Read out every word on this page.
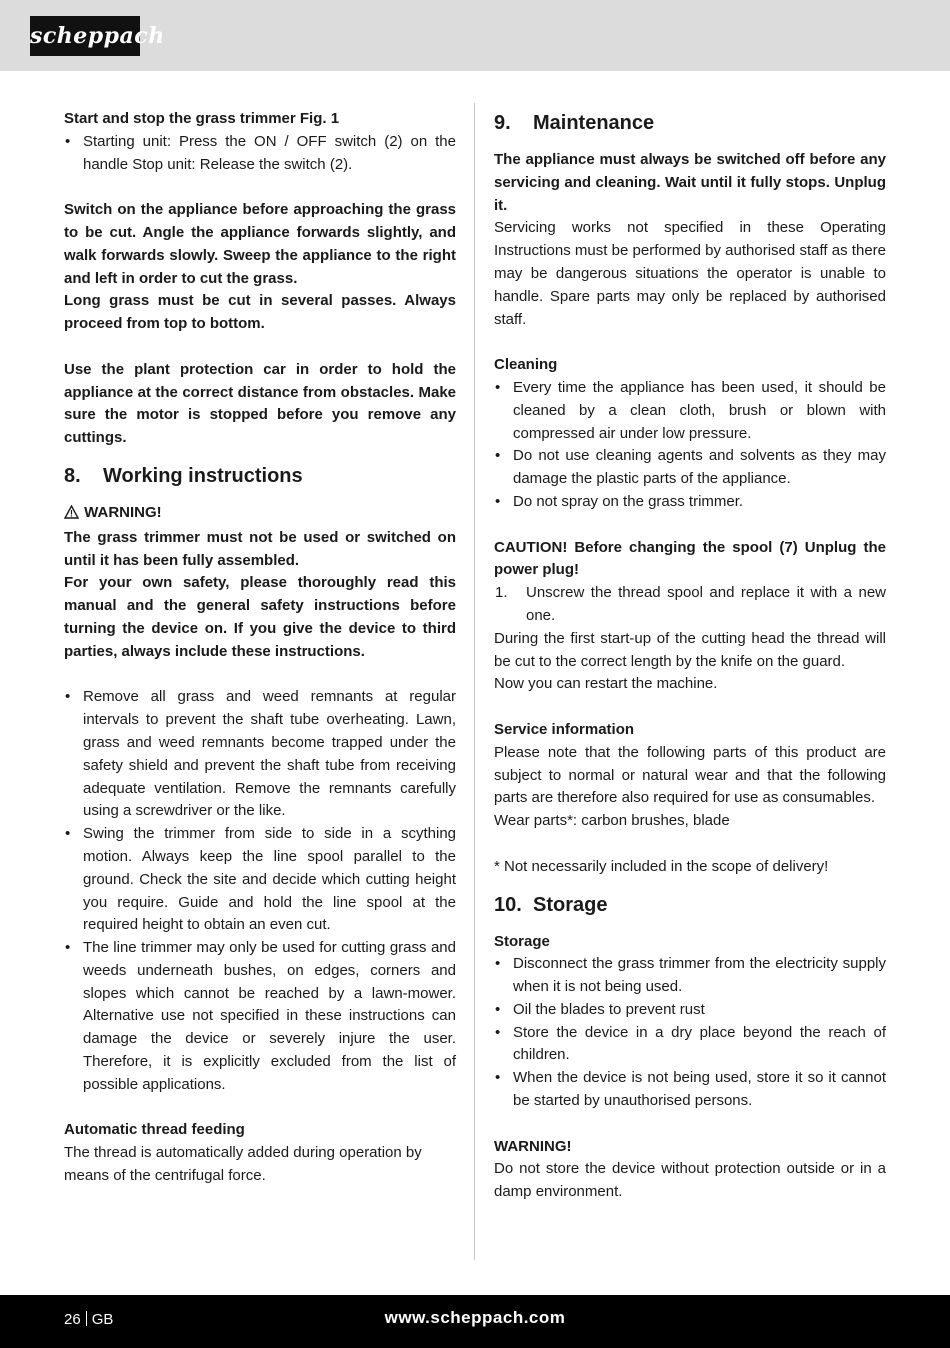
scheppach

Start and stop the grass trimmer Fig. 1

• Starting unit: Press the ON / OFF switch (2) on the handle Stop unit: Release the switch (2).

Switch on the appliance before approaching the grass to be cut. Angle the appliance forwards slightly, and walk forwards slowly. Sweep the appliance to the right and left in order to cut the grass.

Long grass must be cut in several passes. Always proceed from top to bottom.

Use the plant protection car in order to hold the appliance at the correct distance from obstacles. Make sure the motor is stopped before you remove any cuttings.

8.	Working instructions

WARNING!

The grass trimmer must not be used or switched on until it has been fully assembled.

For your own safety, please thoroughly read this manual and the general safety instructions before turning the device on. If you give the device to third parties, always include these instructions.

• Remove all grass and weed remnants at regular intervals to prevent the shaft tube overheating. Lawn, grass and weed remnants become trapped under the safety shield and prevent the shaft tube from receiving adequate ventilation. Remove the remnants carefully using a screwdriver or the like.
• Swing the trimmer from side to side in a scything motion. Always keep the line spool parallel to the ground. Check the site and decide which cutting height you require. Guide and hold the line spool at the required height to obtain an even cut.
• The line trimmer may only be used for cutting grass and weeds underneath bushes, on edges, corners and slopes which cannot be reached by a lawn-mower. Alternative use not specified in these instructions can damage the device or severely injure the user. Therefore, it is explicitly excluded from the list of possible applications.

Automatic thread feeding

The thread is automatically added during operation by means of the centrifugal force.

9.	Maintenance

The appliance must always be switched off before any servicing and cleaning. Wait until it fully stops. Unplug it.

Servicing works not specified in these Operating Instructions must be performed by authorised staff as there may be dangerous situations the operator is unable to handle. Spare parts may only be replaced by authorised staff.

Cleaning

• Every time the appliance has been used, it should be cleaned by a clean cloth, brush or blown with compressed air under low pressure.
• Do not use cleaning agents and solvents as they may damage the plastic parts of the appliance.
• Do not spray on the grass trimmer.

CAUTION! Before changing the spool (7) Unplug the power plug!

1. Unscrew the thread spool and replace it with a new one.

During the first start-up of the cutting head the thread will be cut to the correct length by the knife on the guard.

Now you can restart the machine.

Service information

Please note that the following parts of this product are subject to normal or natural wear and that the following parts are therefore also required for use as consumables.

Wear parts*: carbon brushes, blade

* Not necessarily included in the scope of delivery!

10. Storage

Storage

• Disconnect the grass trimmer from the electricity supply when it is not being used.
• Oil the blades to prevent rust
• Store the device in a dry place beyond the reach of children.
• When the device is not being used, store it so it cannot be started by unauthorised persons.

WARNING!

Do not store the device without protection outside or in a damp environment.

26 GB	www.scheppach.com
